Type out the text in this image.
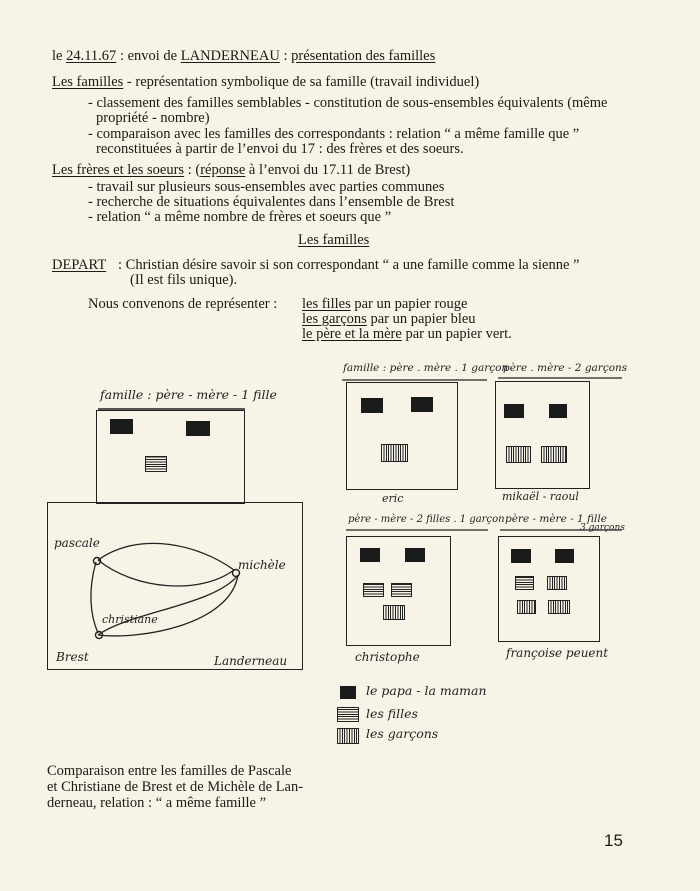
le 24.11.67 : envoi de LANDERNEAU : présentation des familles
Les familles - représentation symbolique de sa famille (travail individuel)
- classement des familles semblables - constitution de sous-ensembles équivalents (même
propriété - nombre)
- comparaison avec les familles des correspondants : relation “ a même famille que ”
reconstituées à partir de l’envoi du 17 : des frères et des soeurs.
Les frères et les soeurs : (réponse à l’envoi du 17.11 de Brest)
- travail sur plusieurs sous-ensembles avec parties communes
- recherche de situations équivalentes dans l’ensemble de Brest
- relation “ a même nombre de frères et soeurs que ”
Les familles
DEPART : Christian désire savoir si son correspondant “ a une famille comme la sienne ”
(Il est fils unique).
Nous convenons de représenter : les filles par un papier rouge
les garçons par un papier bleu
le père et la mère par un papier vert.
famille : père - mère - 1 fille
pascale
michèle
christiane
Brest	Landerneau
famille : père . mère . 1 garçon
eric
père . mère - 2 garçons
mikaël - raoul
père - mère - 2 filles . 1 garçon
christophe
père - mère - 1 fille
3 garçons
françoise peuent
le papa - la maman
les filles
les garçons
Comparaison entre les familles de Pascale
et Christiane de Brest et de Michèle de Lan-
derneau, relation : “ a même famille ”
15
